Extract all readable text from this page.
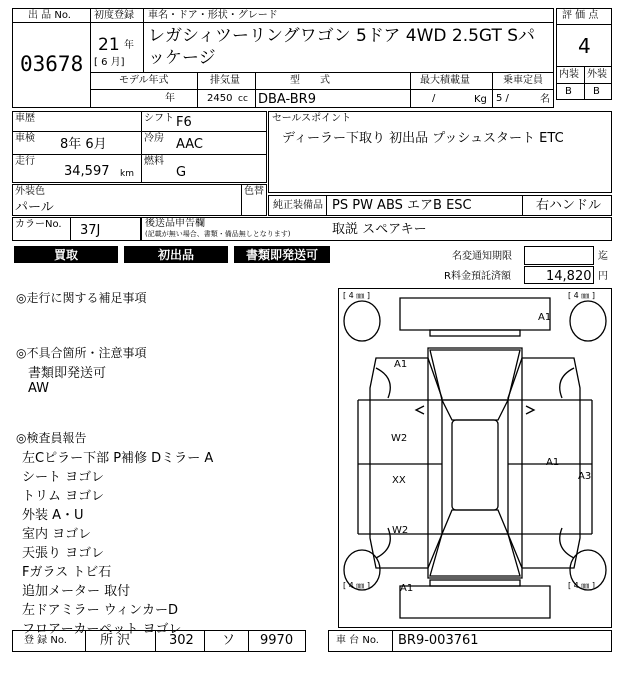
出 品 No.
03678
初度登録
21 年
[ 6 月]
車名・ドア・形状・グレード
レガシィツーリングワゴン 5ドア 4WD 2.5GT Sパ
ッケージ
モデル年式
年
排気量
2450 cc
型　　式
DBA-BR9
最大積載量
/	Kg
乗車定員
5 /	名
評 価 点
4
内装 外装
B B
車歴
車検 8年 6月
走行
34,597 km
シフト F6
冷房 AAC
燃料
G
セールスポイント
ディーラー下取り 初出品 プッシュスタート ETC
外装色
パール
色替
純正装備品 PS PW ABS エアB ESC	右ハンドル
カラーNo. 37J	後送品申告欄
(記載が無い場合、書類・備品無しとなります)	取説 スペアキー
買取	初出品	書類即発送可	名変通知期限	迄
R料金預託済額	14,820 円
◎走行に関する補足事項
◎不具合箇所・注意事項
書類即発送可
AW
◎検査員報告
左Cピラー下部 P補修 Dミラー A
シート ヨゴレ
トリム ヨゴレ
外装 A・U
室内 ヨゴレ
天張り ヨゴレ
Fガラス トビ石
追加メーター 取付
左ドアミラー ウィンカーD
フロアーカーペット ヨゴレ
[ 4 ㎜ ]	[ 4 ㎜ ]
[ 4 ㎜ ]	[ 4 ㎜ ]
A1
A1
W2
XX
W2
A1
A3
A1
登 録 No.	所 沢	302 ソ 9970	車 台 No. BR9-003761
